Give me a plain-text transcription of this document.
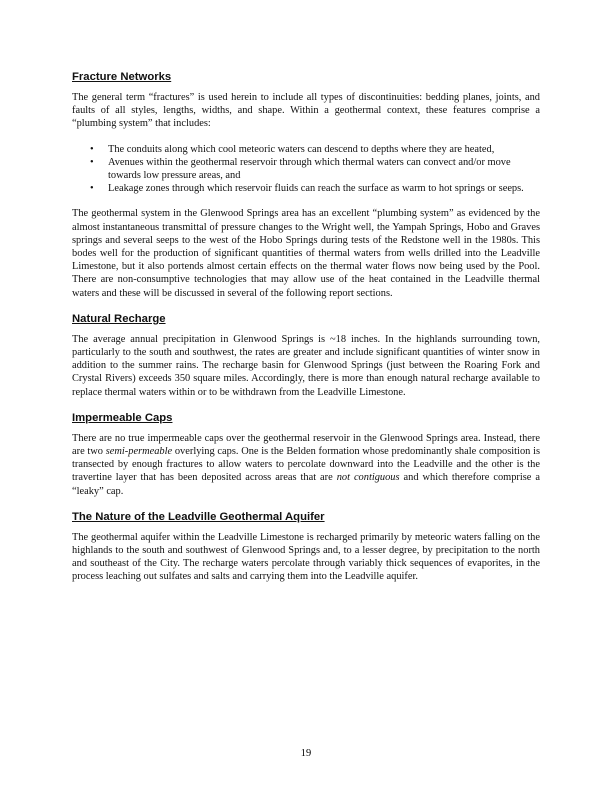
Fracture Networks

The general term “fractures” is used herein to include all types of discontinuities: bedding planes, joints, and faults of all styles, lengths, widths, and shape. Within a geothermal context, these features comprise a “plumbing system” that includes:

• The conduits along which cool meteoric waters can descend to depths where they are heated,
• Avenues within the geothermal reservoir through which thermal waters can convect and/or move towards low pressure areas, and
• Leakage zones through which reservoir fluids can reach the surface as warm to hot springs or seeps.

The geothermal system in the Glenwood Springs area has an excellent “plumbing system” as evidenced by the almost instantaneous transmittal of pressure changes to the Wright well, the Yampah Springs, Hobo and Graves springs and several seeps to the west of the Hobo Springs during tests of the Redstone well in the 1980s. This bodes well for the production of significant quantities of thermal waters from wells drilled into the Leadville Limestone, but it also portends almost certain effects on the thermal water flows now being used by the Pool. There are non-consumptive technologies that may allow use of the heat contained in the Leadville thermal waters and these will be discussed in several of the following report sections.

Natural Recharge

The average annual precipitation in Glenwood Springs is ~18 inches. In the highlands surrounding town, particularly to the south and southwest, the rates are greater and include significant quantities of winter snow in addition to the summer rains. The recharge basin for Glenwood Springs (just between the Roaring Fork and Crystal Rivers) exceeds 350 square miles. Accordingly, there is more than enough natural recharge available to replace thermal waters within or to be withdrawn from the Leadville Limestone.

Impermeable Caps

There are no true impermeable caps over the geothermal reservoir in the Glenwood Springs area. Instead, there are two semi-permeable overlying caps. One is the Belden formation whose predominantly shale composition is transected by enough fractures to allow waters to percolate downward into the Leadville and the other is the travertine layer that has been deposited across areas that are not contiguous and which therefore comprise a “leaky” cap.

The Nature of the Leadville Geothermal Aquifer

The geothermal aquifer within the Leadville Limestone is recharged primarily by meteoric waters falling on the highlands to the south and southwest of Glenwood Springs and, to a lesser degree, by precipitation to the north and southeast of the City. The recharge waters percolate through variably thick sequences of evaporites, in the process leaching out sulfates and salts and carrying them into the Leadville aquifer.

19
